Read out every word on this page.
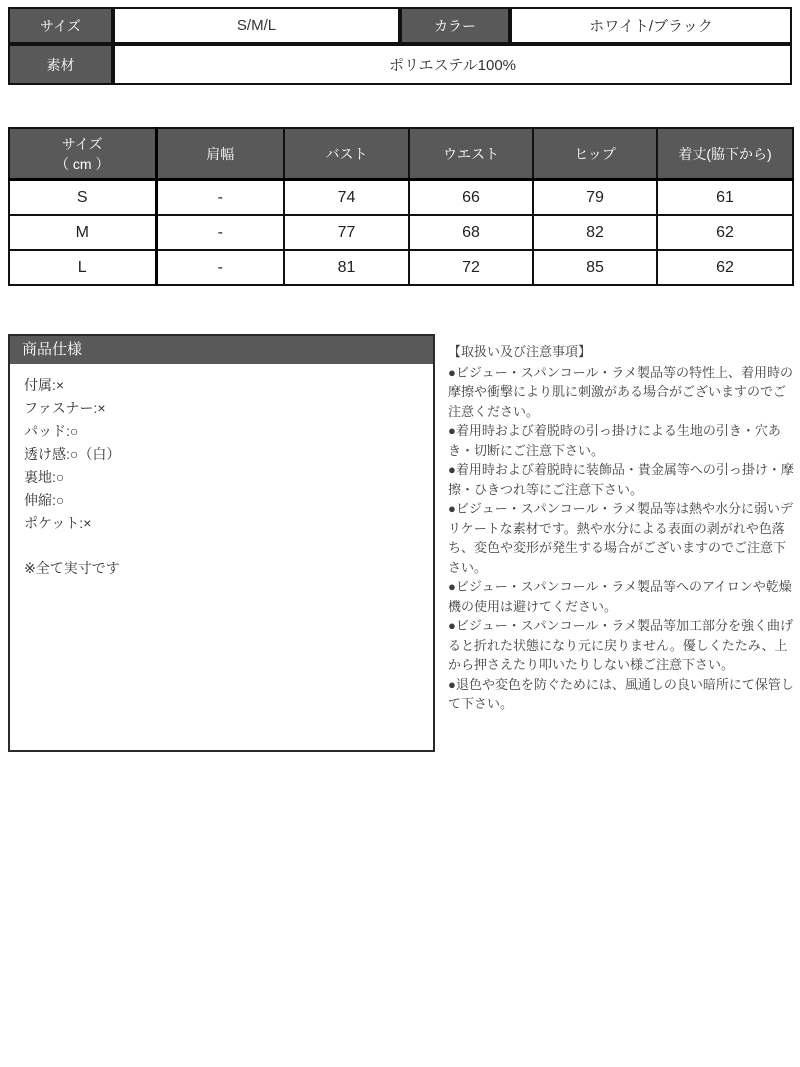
サイズ	S/M/L	カラー	ホワイト/ブラック
素材	ポリエステル100%		
サイズ
（ cm ）	肩幅	バスト	ウエスト	ヒップ	着丈(脇下から)
S	-	74	66	79	61
M	-	77	68	82	62
L	-	81	72	85	62
商品仕様
付属:×
ファスナー:×
パッド:○
透け感:○（白）
裏地:○
伸縮:○
ポケット:×
※全て実寸です

【取扱い及び注意事項】

●ビジュー・スパンコール・ラメ製品等の特性上、着用時の摩擦や衝撃により肌に刺激がある場合がございますのでご注意ください。

●着用時および着脱時の引っ掛けによる生地の引き・穴あき・切断にご注意下さい。

●着用時および着脱時に装飾品・貴金属等への引っ掛け・摩擦・ひきつれ等にご注意下さい。

●ビジュー・スパンコール・ラメ製品等は熱や水分に弱いデリケートな素材です。熱や水分による表面の剥がれや色落ち、変色や変形が発生する場合がございますのでご注意下さい。

●ビジュー・スパンコール・ラメ製品等へのアイロンや乾燥機の使用は避けてください。

●ビジュー・スパンコール・ラメ製品等加工部分を強く曲げると折れた状態になり元に戻りません。優しくたたみ、上から押さえたり叩いたりしない様ご注意下さい。

●退色や変色を防ぐためには、風通しの良い暗所にて保管して下さい。
